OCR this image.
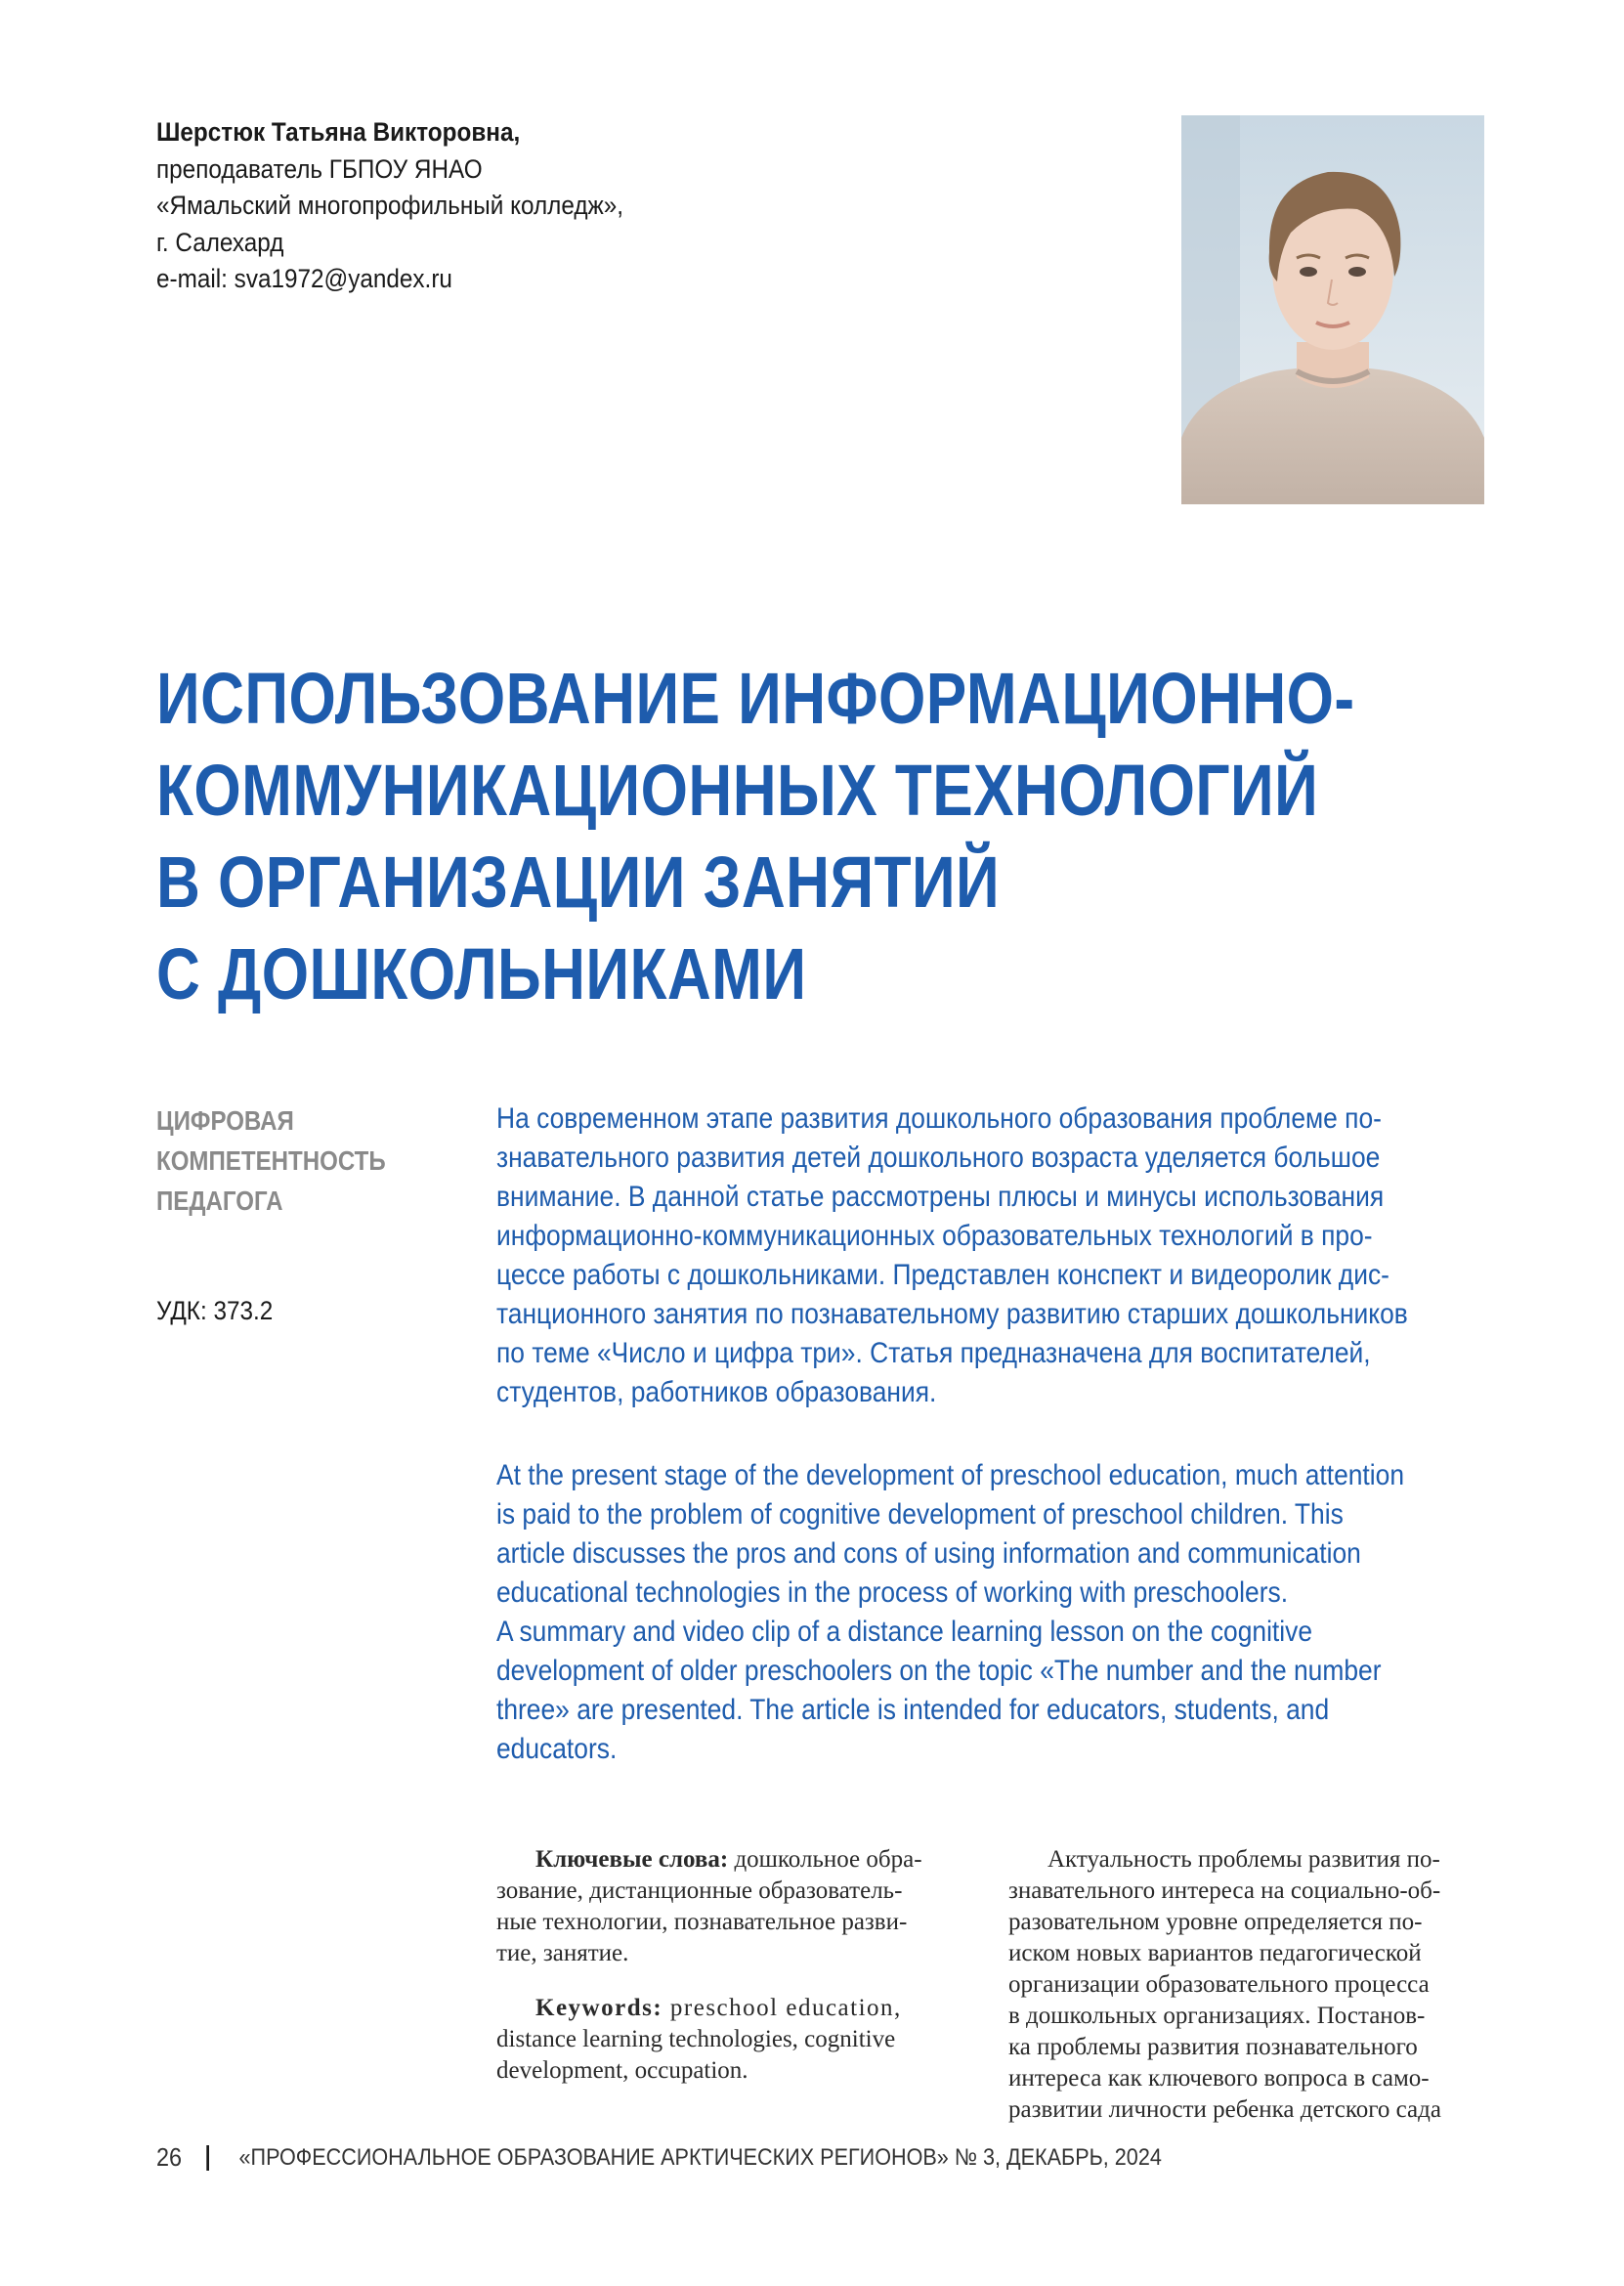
Шерстюк Татьяна Викторовна,
преподаватель ГБПОУ ЯНАО
«Ямальский многопрофильный колледж»,
г. Салехард
e-mail: sva1972@yandex.ru
ИСПОЛЬЗОВАНИЕ ИНФОРМАЦИОННО-
КОММУНИКАЦИОННЫХ ТЕХНОЛОГИЙ
В ОРГАНИЗАЦИИ ЗАНЯТИЙ
С ДОШКОЛЬНИКАМИ
ЦИФРОВАЯ
КОМПЕТЕНТНОСТЬ
ПЕДАГОГА
УДК: 373.2
На современном этапе развития дошкольного образования проблеме по-
знавательного развития детей дошкольного возраста уделяется большое
внимание. В данной статье рассмотрены плюсы и минусы использования
информационно-коммуникационных образовательных технологий в про-
цессе работы с дошкольниками. Представлен конспект и видеоролик дис-
танционного занятия по познавательному развитию старших дошкольников
по теме «Число и цифра три». Статья предназначена для воспитателей,
студентов, работников образования.
At the present stage of the development of preschool education, much attention
is paid to the problem of cognitive development of preschool children. This
article discusses the pros and cons of using information and communication
educational technologies in the process of working with preschoolers.
A summary and video clip of a distance learning lesson on the cognitive
development of older preschoolers on the topic «The number and the number
three» are presented. The article is intended for educators, students, and
educators.

Ключевые слова: дошкольное обра-
зование, дистанционные образователь-
ные технологии, познавательное разви-
тие, занятие.

Keywords: preschool education,
distance learning technologies, cognitive
development, occupation.

Актуальность проблемы развития по-
знавательного интереса на социально-об-
разовательном уровне определяется по-
иском новых вариантов педагогической
организации образовательного процесса
в дошкольных организациях. Постанов-
ка проблемы развития познавательного
интереса как ключевого вопроса в само-
развитии личности ребенка детского сада
26 «ПРОФЕССИОНАЛЬНОЕ ОБРАЗОВАНИЕ АРКТИЧЕСКИХ РЕГИОНОВ» № 3, ДЕКАБРЬ, 2024
